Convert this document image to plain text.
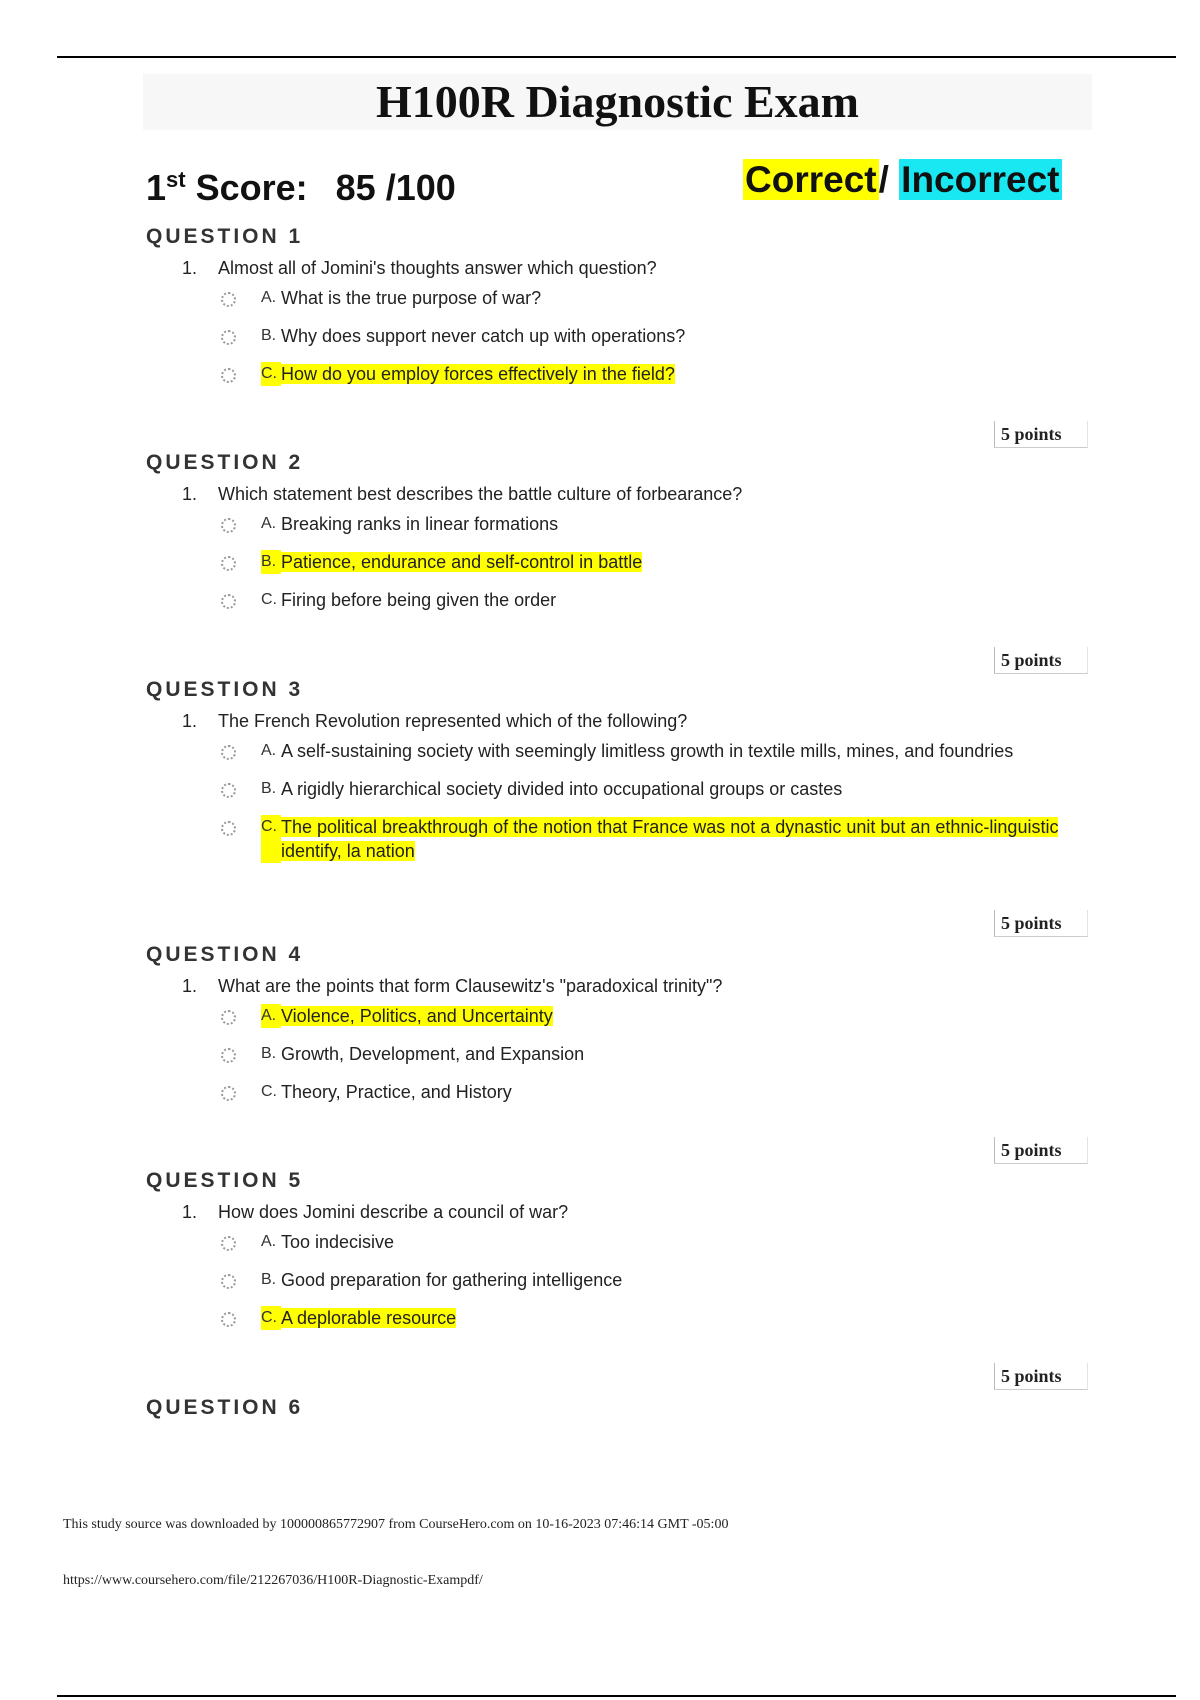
H100R Diagnostic Exam
1st Score: 85 /100	Correct/ Incorrect
QUESTION 1
1. Almost all of Jomini's thoughts answer which question?
A. What is the true purpose of war?
B. Why does support never catch up with operations?
C. How do you employ forces effectively in the field?
5 points
QUESTION 2
1. Which statement best describes the battle culture of forbearance?
A. Breaking ranks in linear formations
B. Patience, endurance and self-control in battle
C. Firing before being given the order
5 points
QUESTION 3
1. The French Revolution represented which of the following?
A. A self-sustaining society with seemingly limitless growth in textile mills, mines, and foundries
B. A rigidly hierarchical society divided into occupational groups or castes
C. The political breakthrough of the notion that France was not a dynastic unit but an ethnic-linguistic identify, la nation
5 points
QUESTION 4
1. What are the points that form Clausewitz's "paradoxical trinity"?
A. Violence, Politics, and Uncertainty
B. Growth, Development, and Expansion
C. Theory, Practice, and History
5 points
QUESTION 5
1. How does Jomini describe a council of war?
A. Too indecisive
B. Good preparation for gathering intelligence
C. A deplorable resource
5 points
QUESTION 6
This study source was downloaded by 100000865772907 from CourseHero.com on 10-16-2023 07:46:14 GMT -05:00
https://www.coursehero.com/file/212267036/H100R-Diagnostic-Exampdf/
